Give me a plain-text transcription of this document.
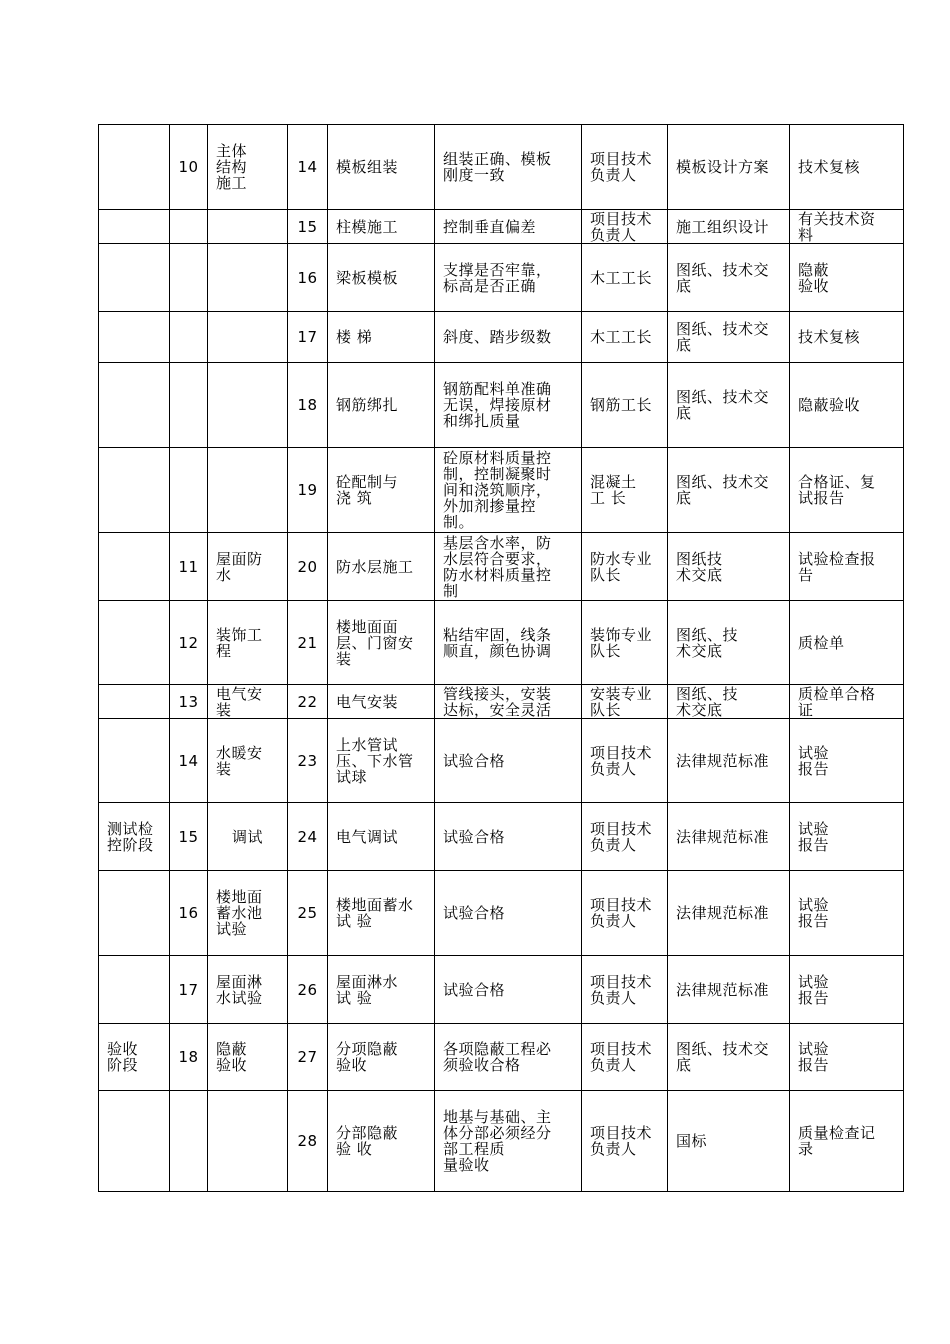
	10	主体
结构
施工	14	模板组装	组装正确、模板
刚度一致	项目技术
负责人	模板设计方案	技术复核
			15	柱模施工	控制垂直偏差	项目技术
负责人	施工组织设计	有关技术资
料
			16	梁板模板	支撑是否牢靠，
标高是否正确	木工工长	图纸、技术交
底	隐蔽
验收
			17	楼 梯	斜度、踏步级数	木工工长	图纸、技术交
底	技术复核
			18	钢筋绑扎	钢筋配料单准确
无误，焊接原材
和绑扎质量	钢筋工长	图纸、技术交
底	隐蔽验收
			19	砼配制与
浇 筑	砼原材料质量控
制，控制凝聚时
间和浇筑顺序，
外加剂掺量控
制。	混凝土
工 长	图纸、技术交
底	合格证、复
试报告
	11	屋面防
水	20	防水层施工	基层含水率，防
水层符合要求，
防水材料质量控
制	防水专业
队长	图纸技
术交底	试验检查报
告
	12	装饰工
程	21	楼地面面
层、门窗安
装	粘结牢固，线条
顺直，颜色协调	装饰专业
队长	图纸、技
术交底	质检单
	13	电气安
装	22	电气安装	管线接头，安装
达标，安全灵活	安装专业
队长	图纸、技
术交底	质检单合格
证
	14	水暖安
装	23	上水管试
压、下水管
试球	试验合格	项目技术
负责人	法律规范标准	试验
报告
测试检
控阶段	15	调试	24	电气调试	试验合格	项目技术
负责人	法律规范标准	试验
报告
	16	楼地面
蓄水池
试验	25	楼地面蓄水
试 验	试验合格	项目技术
负责人	法律规范标准	试验
报告
	17	屋面淋
水试验	26	屋面淋水
试 验	试验合格	项目技术
负责人	法律规范标准	试验
报告
验收
阶段	18	隐蔽
验收	27	分项隐蔽
验收	各项隐蔽工程必
须验收合格	项目技术
负责人	图纸、技术交
底	试验
报告
			28	分部隐蔽
验 收	地基与基础、主
体分部必须经分
部工程质
量验收	项目技术
负责人	国标	质量检查记
录
